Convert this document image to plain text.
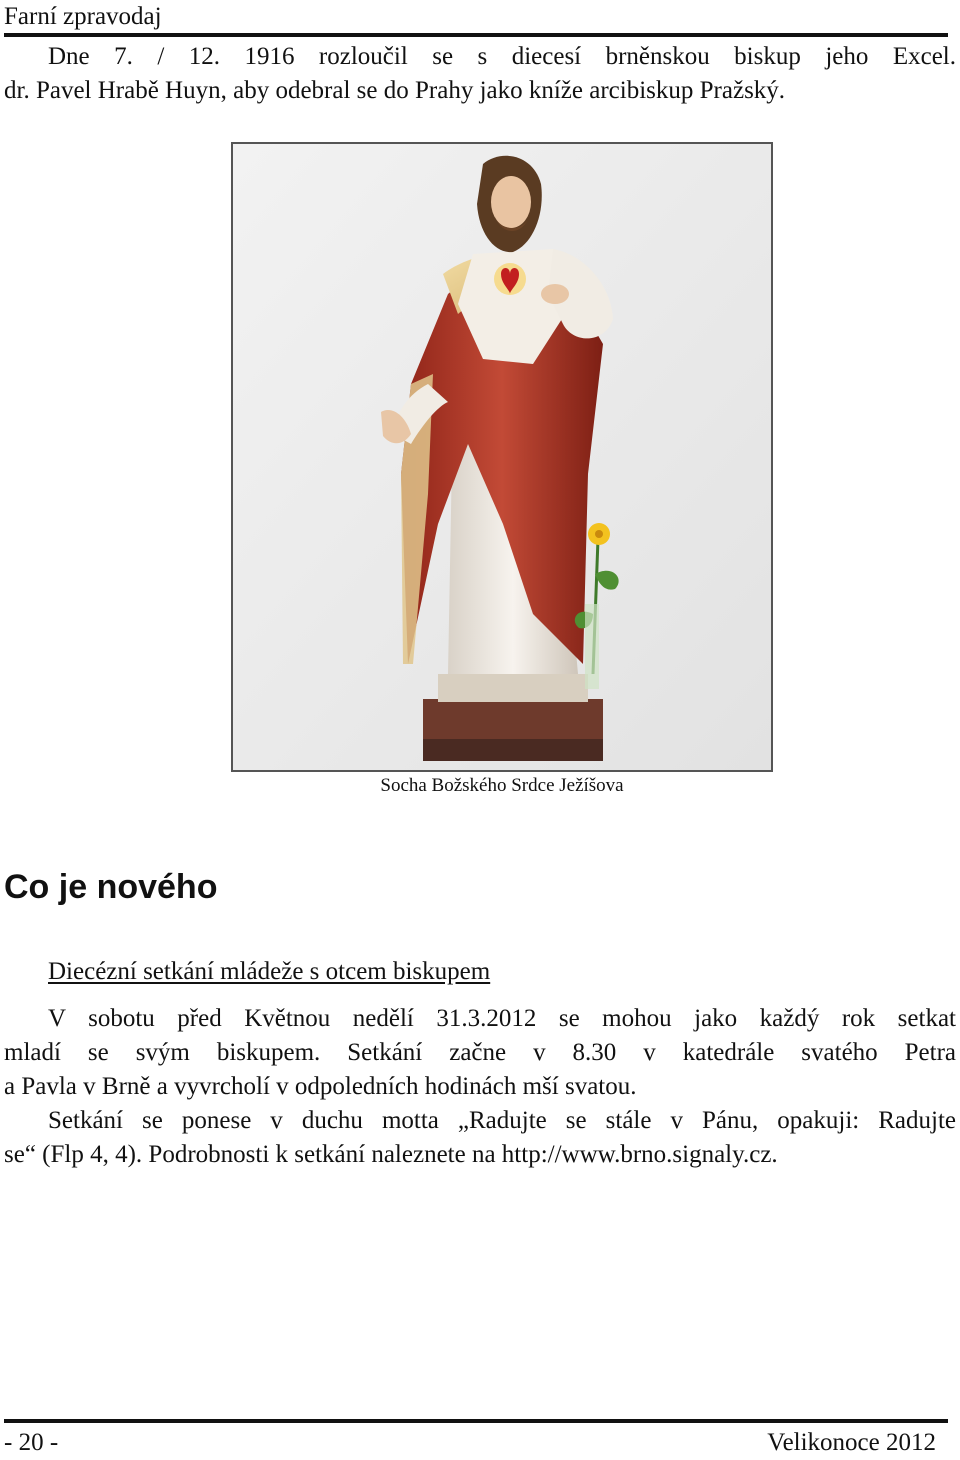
Farní zpravodaj
Dne 7. / 12. 1916 rozloučil se s diecesí brněnskou biskup jeho Excel.
dr. Pavel Hrabě Huyn, aby odebral se do Prahy jako kníže arcibiskup Pražský.
Socha Božského Srdce Ježíšova
Co je nového
Diecézní setkání mládeže s otcem biskupem
V sobotu před Květnou nedělí 31.3.2012 se mohou jako každý rok setkat
mladí se svým biskupem. Setkání začne v 8.30 v katedrále svatého Petra
a Pavla v Brně a vyvrcholí v odpoledních hodinách mší svatou.
Setkání se ponese v duchu motta „Radujte se stále v Pánu, opakuji: Radujte
se“ (Flp 4, 4). Podrobnosti k setkání naleznete na http://www.brno.signaly.cz.
- 20 -	Velikonoce 2012
